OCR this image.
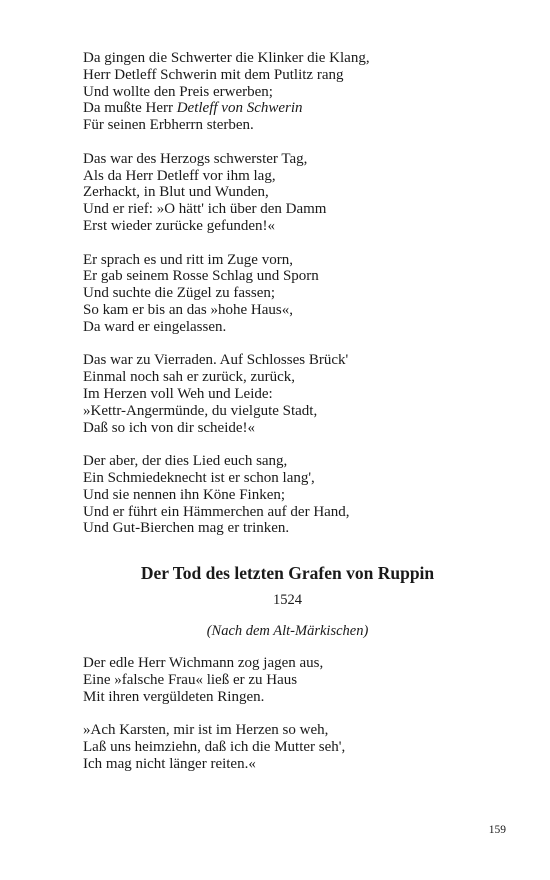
Da gingen die Schwerter die Klinker die Klang,
Herr Detleff Schwerin mit dem Putlitz rang
Und wollte den Preis erwerben;
Da mußte Herr Detleff von Schwerin
Für seinen Erbherrn sterben.
Das war des Herzogs schwerster Tag,
Als da Herr Detleff vor ihm lag,
Zerhackt, in Blut und Wunden,
Und er rief: »O hätt' ich über den Damm
Erst wieder zurücke gefunden!«
Er sprach es und ritt im Zuge vorn,
Er gab seinem Rosse Schlag und Sporn
Und suchte die Zügel zu fassen;
So kam er bis an das »hohe Haus«,
Da ward er eingelassen.
Das war zu Vierraden. Auf Schlosses Brück'
Einmal noch sah er zurück, zurück,
Im Herzen voll Weh und Leide:
»Kettr-Angermünde, du vielgute Stadt,
Daß so ich von dir scheide!«
Der aber, der dies Lied euch sang,
Ein Schmiedeknecht ist er schon lang',
Und sie nennen ihn Köne Finken;
Und er führt ein Hämmerchen auf der Hand,
Und Gut-Bierchen mag er trinken.
Der Tod des letzten Grafen von Ruppin
1524
(Nach dem Alt-Märkischen)
Der edle Herr Wichmann zog jagen aus,
Eine »falsche Frau« ließ er zu Haus
Mit ihren vergüldeten Ringen.
»Ach Karsten, mir ist im Herzen so weh,
Laß uns heimziehn, daß ich die Mutter seh',
Ich mag nicht länger reiten.«
159
